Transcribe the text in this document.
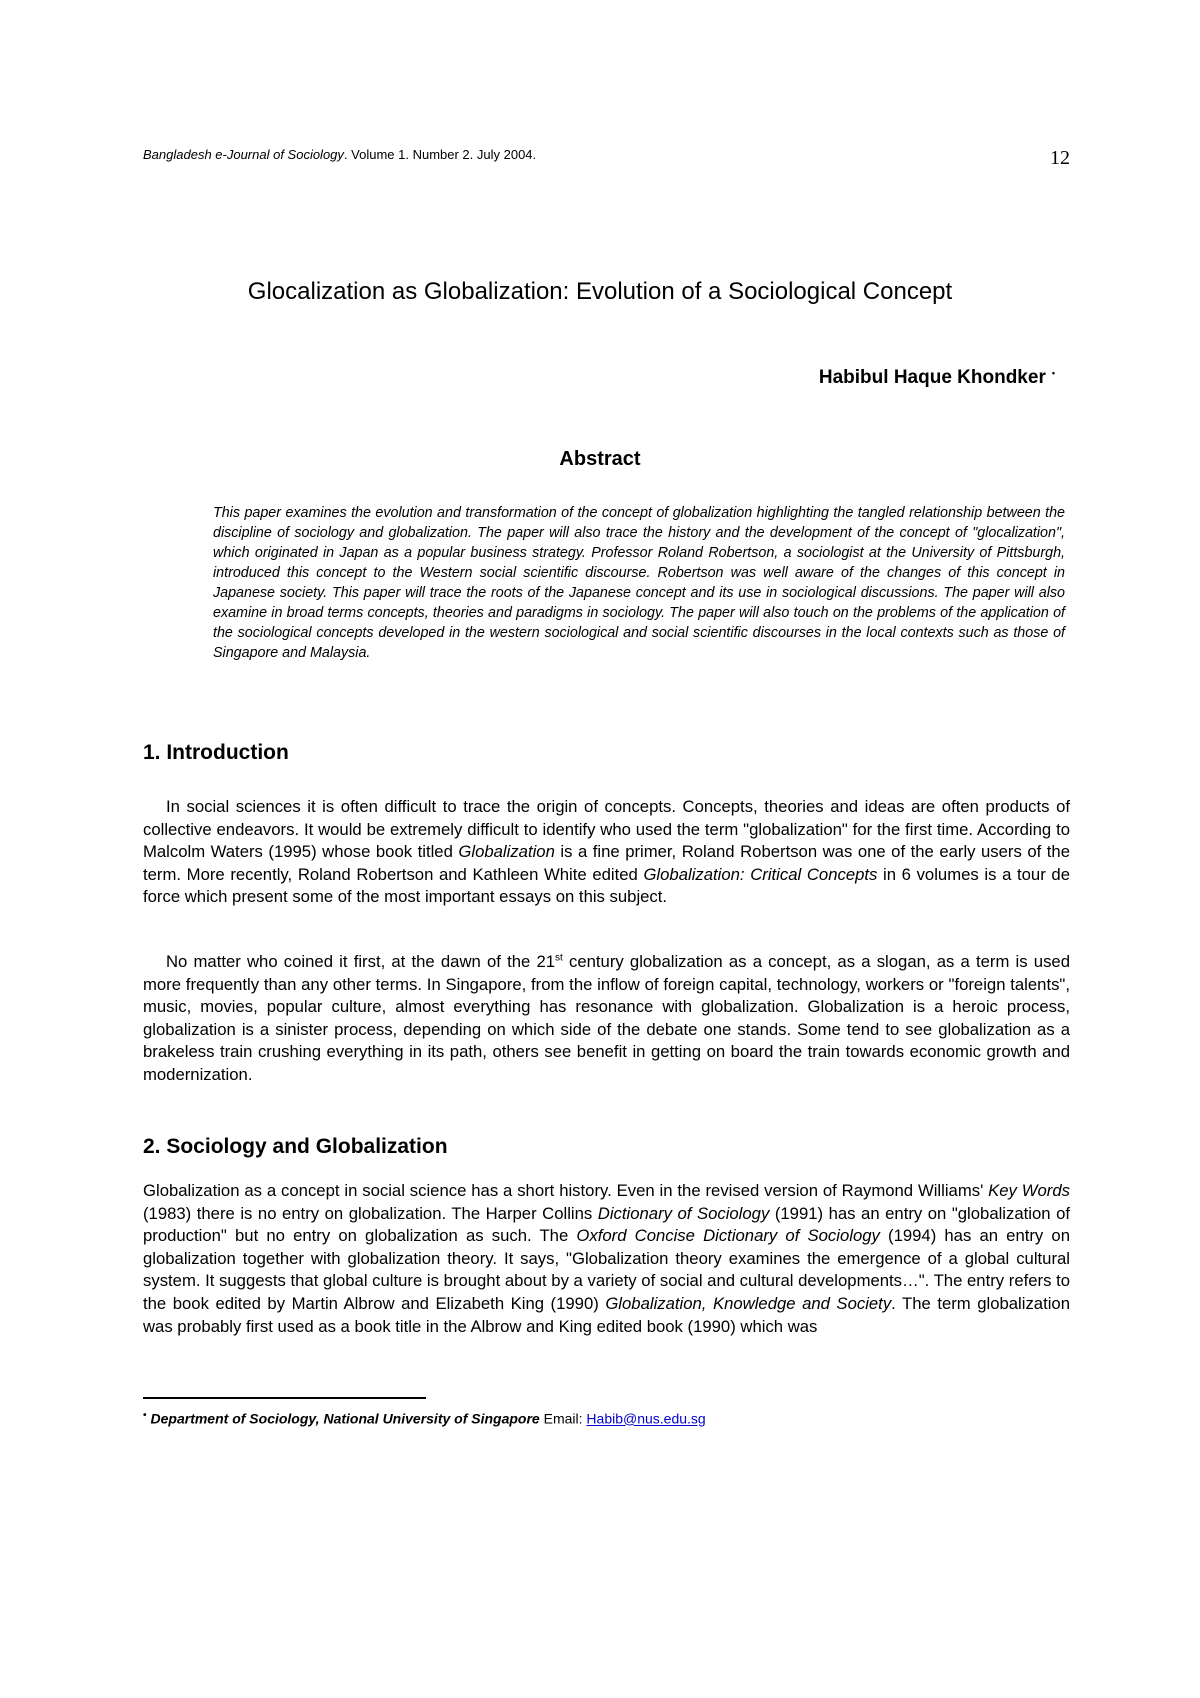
Bangladesh e-Journal of Sociology. Volume 1. Number 2. July 2004.	12
Glocalization as Globalization: Evolution of a Sociological Concept
Habibul Haque Khondker •
Abstract
This paper examines the evolution and transformation of the concept of globalization highlighting the tangled relationship between the discipline of sociology and globalization. The paper will also trace the history and the development of the concept of "glocalization", which originated in Japan as a popular business strategy. Professor Roland Robertson, a sociologist at the University of Pittsburgh, introduced this concept to the Western social scientific discourse. Robertson was well aware of the changes of this concept in Japanese society. This paper will trace the roots of the Japanese concept and its use in sociological discussions. The paper will also examine in broad terms concepts, theories and paradigms in sociology. The paper will also touch on the problems of the application of the sociological concepts developed in the western sociological and social scientific discourses in the local contexts such as those of Singapore and Malaysia.
1. Introduction
In social sciences it is often difficult to trace the origin of concepts. Concepts, theories and ideas are often products of collective endeavors. It would be extremely difficult to identify who used the term "globalization" for the first time. According to Malcolm Waters (1995) whose book titled Globalization is a fine primer, Roland Robertson was one of the early users of the term. More recently, Roland Robertson and Kathleen White edited Globalization: Critical Concepts in 6 volumes is a tour de force which present some of the most important essays on this subject.
No matter who coined it first, at the dawn of the 21st century globalization as a concept, as a slogan, as a term is used more frequently than any other terms. In Singapore, from the inflow of foreign capital, technology, workers or "foreign talents", music, movies, popular culture, almost everything has resonance with globalization. Globalization is a heroic process, globalization is a sinister process, depending on which side of the debate one stands. Some tend to see globalization as a brakeless train crushing everything in its path, others see benefit in getting on board the train towards economic growth and modernization.
2. Sociology and Globalization
Globalization as a concept in social science has a short history. Even in the revised version of Raymond Williams' Key Words (1983) there is no entry on globalization. The Harper Collins Dictionary of Sociology (1991) has an entry on "globalization of production" but no entry on globalization as such. The Oxford Concise Dictionary of Sociology (1994) has an entry on globalization together with globalization theory. It says, "Globalization theory examines the emergence of a global cultural system. It suggests that global culture is brought about by a variety of social and cultural developments…". The entry refers to the book edited by Martin Albrow and Elizabeth King (1990) Globalization, Knowledge and Society. The term globalization was probably first used as a book title in the Albrow and King edited book (1990) which was
• Department of Sociology, National University of Singapore Email: Habib@nus.edu.sg
